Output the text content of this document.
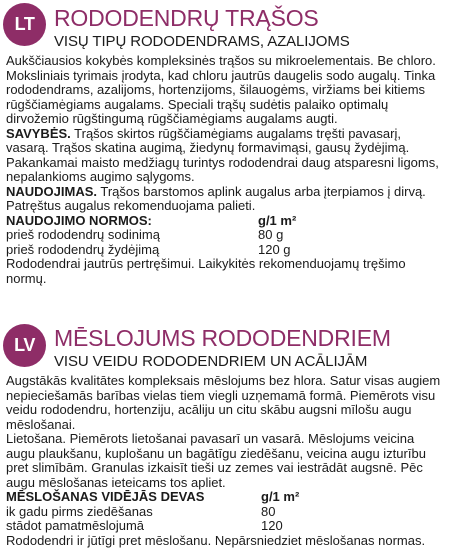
LT RODODENDRŲ TRĄŠOS
VISŲ TIPŲ RODODENDRAMS, AZALIJOMS

Aukščiausios kokybės kompleksinės trąšos su mikroelementais. Be chloro. Moksliniais tyrimais įrodyta, kad chloru jautrūs daugelis sodo augalų. Tinka rododendrams, azalijoms, hortenzijoms, šilauogėms, viržiams bei kitiems rūgščiamėgiams augalams. Speciali trąšų sudėtis palaiko optimalų dirvožemio rūgštingumą rūgščiamėgiams augalams augti.

SAVYBĖS. Trąšos skirtos rūgščiamėgiams augalams tręšti pavasarį, vasarą. Trąšos skatina augimą, žiedynų formavimąsi, gausų žydėjimą. Pakankamai maisto medžiagų turintys rododendrai daug atsparesni ligoms, nepalankioms augimo sąlygoms.

NAUDOJIMAS. Trąšos barstomos aplink augalus arba įterpiamos į dirvą. Patręštus augalus rekomenduojama palieti.

NAUDOJIMO NORMOS:	g/1 m²
prieš rododendrų sodinimą	80 g
prieš rododendrų žydėjimą	120 g

Rododendrai jautrūs pertręšimui. Laikykitės rekomenduojamų tręšimo normų.

LV MĒSLOJUMS RODODENDRIEM
VISU VEIDU RODODENDRIEM UN ACĀLIJĀM

Augstākās kvalitātes kompleksais mēslojums bez hlora. Satur visas augiem nepieciešamās barības vielas tiem viegli uzņemamā formā. Piemērots visu veidu rododendru, hortenziju, acāliju un citu skābu augsni mīlošu augu mēslošanai.

Lietošana. Piemērots lietošanai pavasarī un vasarā. Mēslojums veicina augu plaukšanu, kuplošanu un bagātīgu ziedēšanu, veicina augu izturību pret slimībām. Granulas izkaisīt tieši uz zemes vai iestrādāt augsnē. Pēc augu mēslošanas ieteicams tos apliet.

MĒSLOŠANAS VIDĒJĀS DEVAS	g/1 m²
ik gadu pirms ziedēšanas	80
stādot pamatmēslojumā	120

Rododendri ir jūtīgi pret mēslošanu. Nepārsniedziet mēslošanas normas.
